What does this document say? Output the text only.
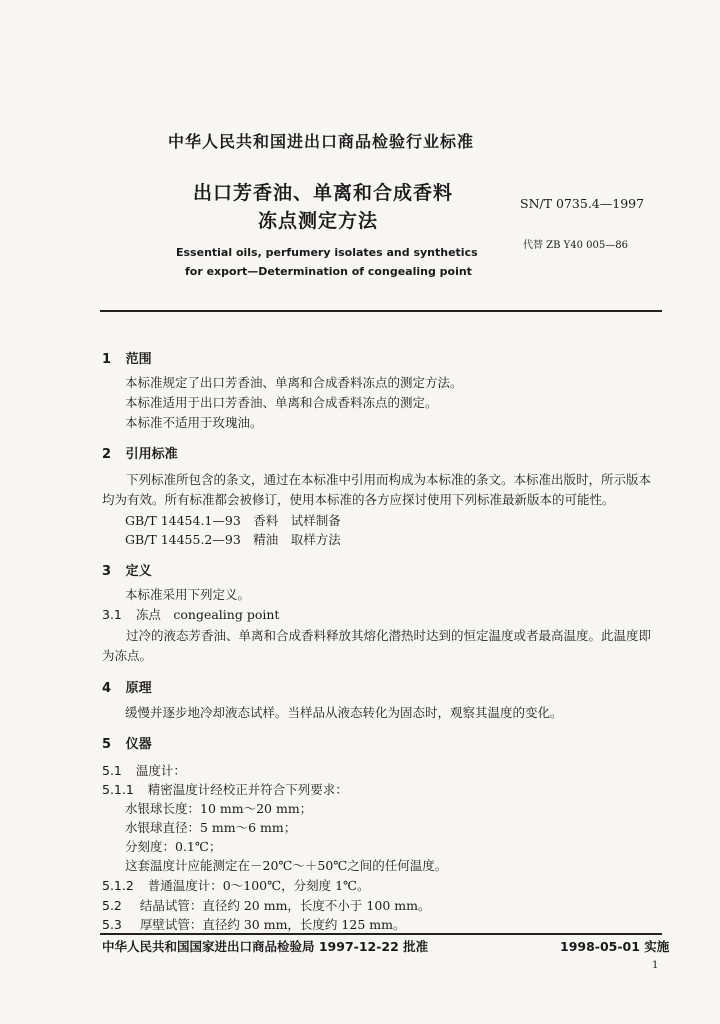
中华人民共和国进出口商品检验行业标准
出口芳香油、单离和合成香料
冻点测定方法
SN/T 0735.4—1997
代替 ZB Y40 005—86
Essential oils, perfumery isolates and synthetics
for export—Determination of congealing point
1 范围
本标准规定了出口芳香油、单离和合成香料冻点的测定方法。
本标准适用于出口芳香油、单离和合成香料冻点的测定。
本标准不适用于玫瑰油。
2 引用标准
下列标准所包含的条文，通过在本标准中引用而构成为本标准的条文。本标准出版时，所示版本均为有效。所有标准都会被修订，使用本标准的各方应探讨使用下列标准最新版本的可能性。
GB/T 14454.1—93　香料　试样制备
GB/T 14455.2—93　精油　取样方法
3 定义
本标准采用下列定义。
3.1 冻点　congealing point
过冷的液态芳香油、单离和合成香料释放其熔化潜热时达到的恒定温度或者最高温度。此温度即为冻点。
4 原理
缓慢并逐步地冷却液态试样。当样品从液态转化为固态时，观察其温度的变化。
5 仪器
5.1 温度计：
5.1.1 精密温度计经校正并符合下列要求：
水银球长度：10 mm～20 mm；
水银球直径：5 mm～6 mm；
分刻度：0.1℃；
这套温度计应能测定在－20℃～＋50℃之间的任何温度。
5.1.2 普通温度计：0～100℃，分刻度 1℃。
5.2 结晶试管：直径约 20 mm，长度不小于 100 mm。
5.3 厚壁试管：直径约 30 mm，长度约 125 mm。
中华人民共和国国家进出口商品检验局 1997-12-22 批准	1998-05-01 实施
1
